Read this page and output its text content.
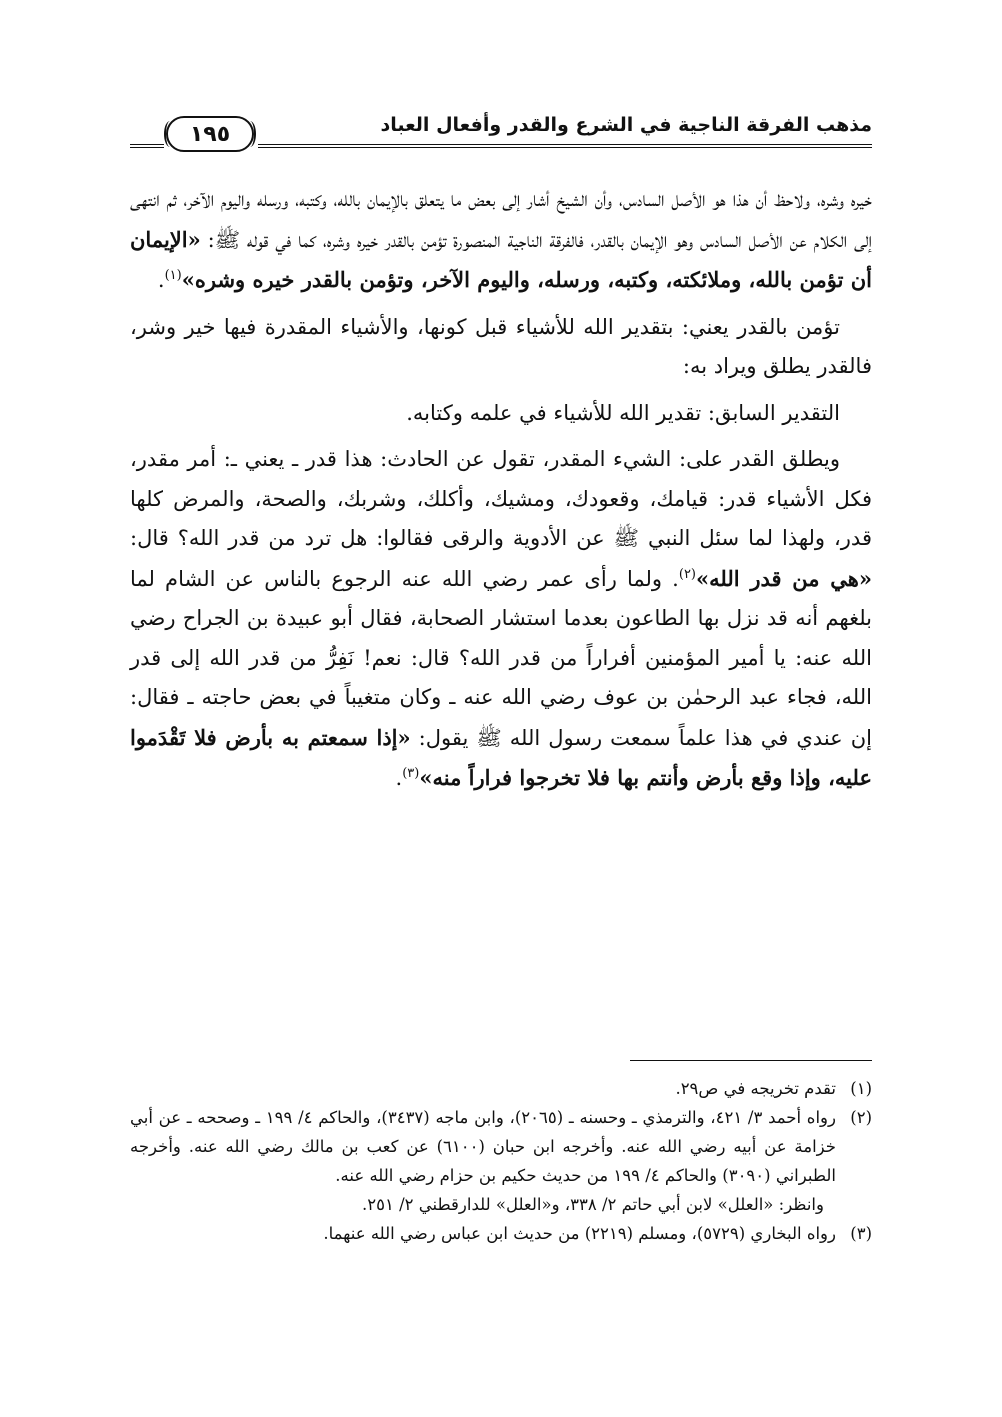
مذهب الفرقة الناجية في الشرع والقدر وأفعال العباد
١٩٥

خيره وشره، ولاحظ أن هذا هو الأصل السادس، وأن الشيخ أشار إلى بعض ما يتعلق بالإيمان بالله، وكتبه، ورسله واليوم الآخر، ثم انتهى إلى الكلام عن الأصل السادس وهو الإيمان بالقدر، فالفرقة الناجية المنصورة تؤمن بالقدر خيره وشره، كما في قوله ﷺ: «الإيمان أن تؤمن بالله، وملائكته، وكتبه، ورسله، واليوم الآخر، وتؤمن بالقدر خيره وشره»$^{(١)}$.

تؤمن بالقدر يعني: بتقدير الله للأشياء قبل كونها، والأشياء المقدرة فيها خير وشر، فالقدر يطلق ويراد به:

التقدير السابق: تقدير الله للأشياء في علمه وكتابه.

ويطلق القدر على: الشيء المقدر، تقول عن الحادث: هذا قدر ـ يعني ـ: أمر مقدر، فكل الأشياء قدر: قيامك، وقعودك، ومشيك، وأكلك، وشربك، والصحة، والمرض كلها قدر، ولهذا لما سئل النبي ﷺ عن الأدوية والرقى فقالوا: هل ترد من قدر الله؟ قال: «هي من قدر الله»$^{(٢)}$. ولما رأى عمر رضي الله عنه الرجوع بالناس عن الشام لما بلغهم أنه قد نزل بها الطاعون بعدما استشار الصحابة، فقال أبو عبيدة بن الجراح رضي الله عنه: يا أمير المؤمنين أفراراً من قدر الله؟ قال: نعم! نَفِرُّ من قدر الله إلى قدر الله، فجاء عبد الرحمٰن بن عوف رضي الله عنه ـ وكان متغيباً في بعض حاجته ـ فقال: إن عندي في هذا علماً سمعت رسول الله ﷺ يقول: «إذا سمعتم به بأرض فلا تَقْدَموا عليه، وإذا وقع بأرض وأنتم بها فلا تخرجوا فراراً منه»$^{(٣)}$.

(١)
تقدم تخريجه في ص٢٩.
(٢)
رواه أحمد ٣/ ٤٢١، والترمذي ـ وحسنه ـ (٢٠٦٥)، وابن ماجه (٣٤٣٧)، والحاكم ٤/ ١٩٩ ـ وصححه ـ عن أبي خزامة عن أبيه رضي الله عنه. وأخرجه ابن حبان (٦١٠٠) عن كعب بن مالك رضي الله عنه. وأخرجه الطبراني (٣٠٩٠) والحاكم ٤/ ١٩٩ من حديث حكيم بن حزام رضي الله عنه.
وانظر: «العلل» لابن أبي حاتم ٢/ ٣٣٨، و«العلل» للدارقطني ٢/ ٢٥١.
(٣)
رواه البخاري (٥٧٢٩)، ومسلم (٢٢١٩) من حديث ابن عباس رضي الله عنهما.
